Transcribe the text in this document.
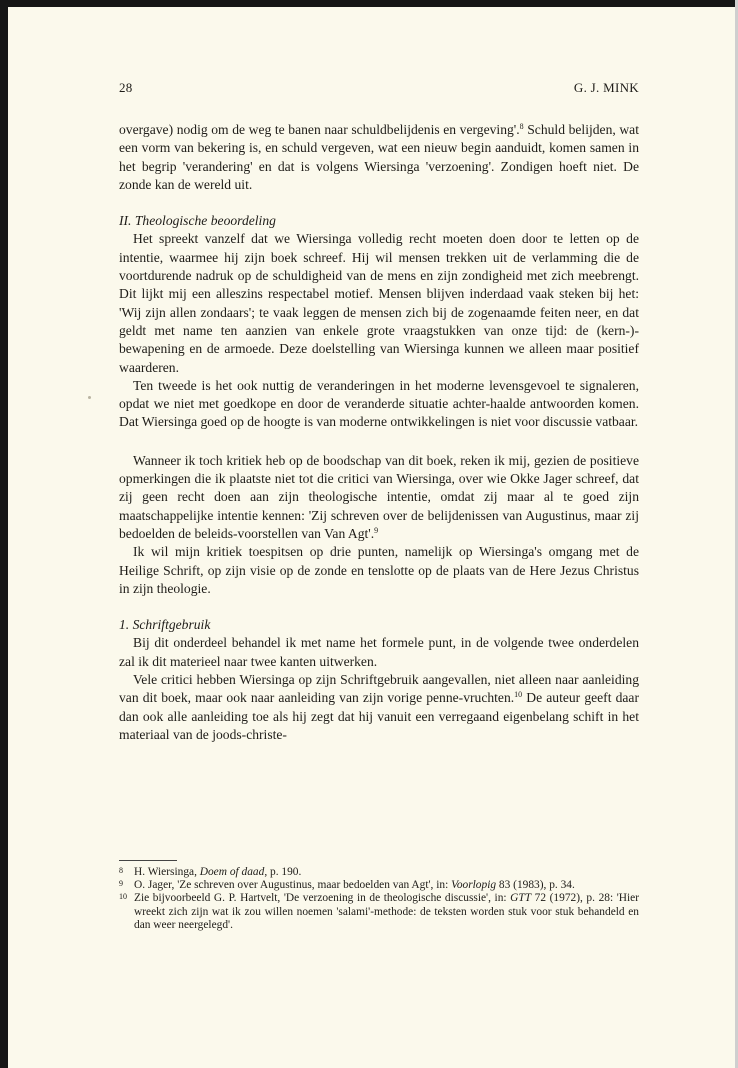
28	G. J. MINK

overgave) nodig om de weg te banen naar schuldbelijdenis en vergeving'.$^8$ Schuld belijden, wat een vorm van bekering is, en schuld vergeven, wat een nieuw begin aanduidt, komen samen in het begrip 'verandering' en dat is volgens Wiersinga 'verzoening'. Zondigen hoeft niet. De zonde kan de wereld uit.

II. Theologische beoordeling

Het spreekt vanzelf dat we Wiersinga volledig recht moeten doen door te letten op de intentie, waarmee hij zijn boek schreef. Hij wil mensen trekken uit de verlamming die de voortdurende nadruk op de schuldigheid van de mens en zijn zondigheid met zich meebrengt. Dit lijkt mij een alleszins respectabel motief. Mensen blijven inderdaad vaak steken bij het: 'Wij zijn allen zondaars'; te vaak leggen de mensen zich bij de zogenaamde feiten neer, en dat geldt met name ten aanzien van enkele grote vraagstukken van onze tijd: de (kern-)-bewapening en de armoede. Deze doelstelling van Wiersinga kunnen we alleen maar positief waarderen.

Ten tweede is het ook nuttig de veranderingen in het moderne levensgevoel te signaleren, opdat we niet met goedkope en door de veranderde situatie achter-haalde antwoorden komen. Dat Wiersinga goed op de hoogte is van moderne ontwikkelingen is niet voor discussie vatbaar.

Wanneer ik toch kritiek heb op de boodschap van dit boek, reken ik mij, gezien de positieve opmerkingen die ik plaatste niet tot die critici van Wiersinga, over wie Okke Jager schreef, dat zij geen recht doen aan zijn theologische intentie, omdat zij maar al te goed zijn maatschappelijke intentie kennen: 'Zij schreven over de belijdenissen van Augustinus, maar zij bedoelden de beleids-voorstellen van Van Agt'.$^9$

Ik wil mijn kritiek toespitsen op drie punten, namelijk op Wiersinga's omgang met de Heilige Schrift, op zijn visie op de zonde en tenslotte op de plaats van de Here Jezus Christus in zijn theologie.

1. Schriftgebruik

Bij dit onderdeel behandel ik met name het formele punt, in de volgende twee onderdelen zal ik dit materieel naar twee kanten uitwerken.

Vele critici hebben Wiersinga op zijn Schriftgebruik aangevallen, niet alleen naar aanleiding van dit boek, maar ook naar aanleiding van zijn vorige penne-vruchten.$^{10}$ De auteur geeft daar dan ook alle aanleiding toe als hij zegt dat hij vanuit een verregaand eigenbelang schift in het materiaal van de joods-christe-

8 H. Wiersinga, Doem of daad, p. 190.
9 O. Jager, 'Ze schreven over Augustinus, maar bedoelden van Agt', in: Voorlopig 83 (1983), p. 34.
10 Zie bijvoorbeeld G. P. Hartvelt, 'De verzoening in de theologische discussie', in: GTT 72 (1972), p. 28: 'Hier wreekt zich zijn wat ik zou willen noemen 'salami'-methode: de teksten worden stuk voor stuk behandeld en dan weer neergelegd'.
